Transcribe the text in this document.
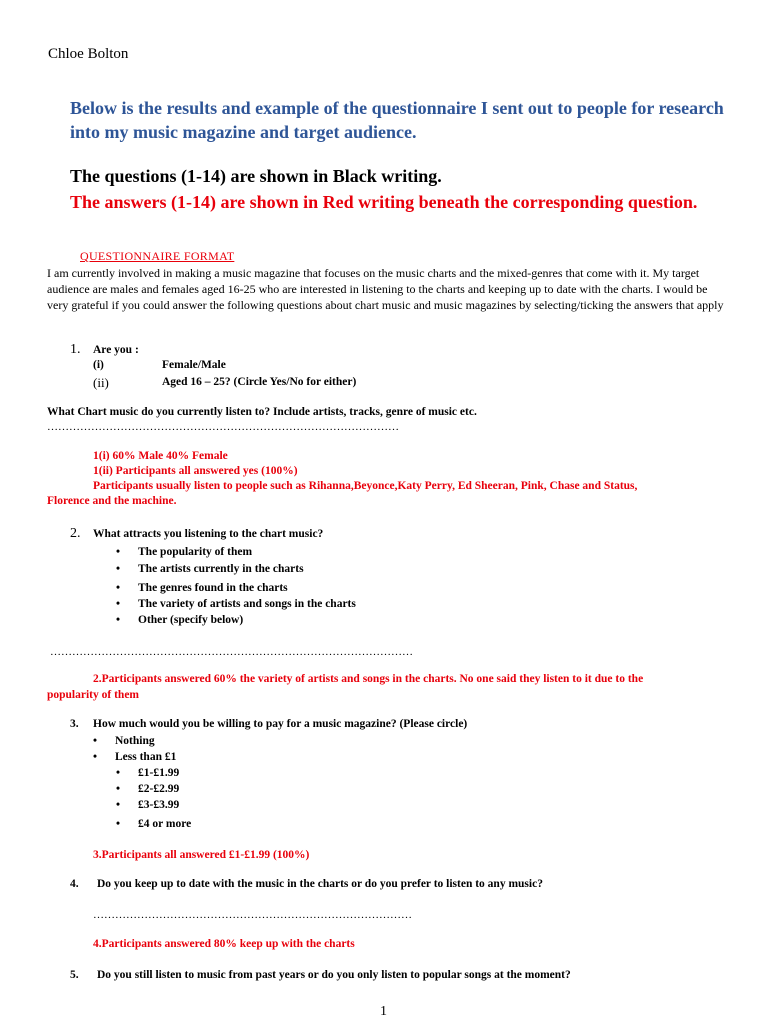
Chloe Bolton
Below is the results and example of the questionnaire I sent out to people for research into my music magazine and target audience.
The questions (1-14) are shown in Black writing.
The answers (1-14) are shown in Red writing beneath the corresponding question.
QUESTIONNAIRE FORMAT
I am currently involved in making a music magazine that focuses on the music charts and the mixed-genres that come with it. My target audience are males and females aged 16-25 who are interested in listening to the charts and keeping up to date with the charts. I would be very grateful if you could answer the following questions about chart music and music magazines by selecting/ticking the answers that apply
1. Are you :
(i)	Female/Male
(ii)	Aged 16 – 25? (Circle Yes/No for either)
What Chart music do you currently listen to? Include artists, tracks, genre of music etc.
……………………………………………………………………………………
1(i) 60% Male 40% Female
1(ii) Participants all answered yes (100%)
Participants usually listen to people such as Rihanna,Beyonce,Katy Perry, Ed Sheeran, Pink, Chase and Status,
Florence and the machine.
2. What attracts you listening to the chart music?
• The popularity of them
• The artists currently in the charts
• The genres found in the charts
• The variety of artists and songs in the charts
• Other (specify below)
………………………………………………………………………………………
2.Participants answered 60% the variety of artists and songs in the charts. No one said they listen to it due to the
popularity of them
3. How much would you be willing to pay for a music magazine? (Please circle)
• Nothing
• Less than £1
• £1-£1.99
• £2-£2.99
• £3-£3.99
• £4 or more
3.Participants all answered £1-£1.99 (100%)
4. Do you keep up to date with the music in the charts or do you prefer to listen to any music?
……………………………………………………………………………
4.Participants answered 80% keep up with the charts
5. Do you still listen to music from past years or do you only listen to popular songs at the moment?
1
